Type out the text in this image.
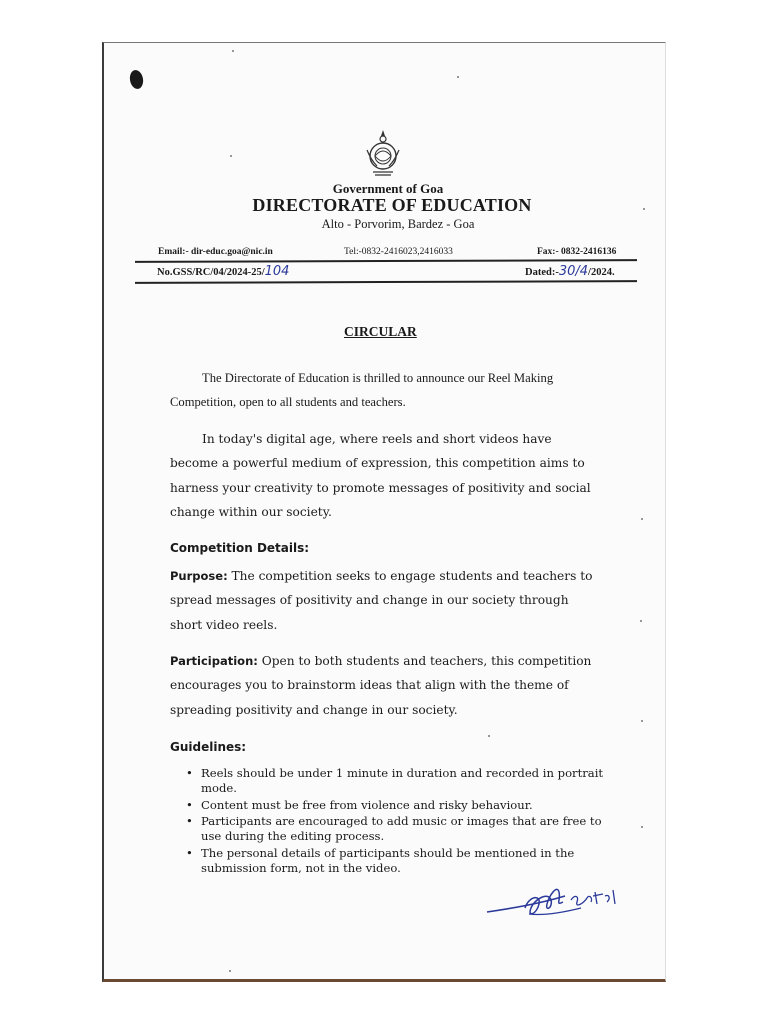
Government of Goa
DIRECTORATE OF EDUCATION
Alto - Porvorim, Bardez - Goa
Email:- dir-educ.goa@nic.in	Tel:-0832-2416023,2416033	Fax:- 0832-2416136
No.GSS/RC/04/2024-25/104	Dated:-30/4/2024.
CIRCULAR
The Directorate of Education is thrilled to announce our Reel Making Competition, open to all students and teachers.
In today's digital age, where reels and short videos have become a powerful medium of expression, this competition aims to harness your creativity to promote messages of positivity and social change within our society.
Competition Details:
Purpose: The competition seeks to engage students and teachers to spread messages of positivity and change in our society through short video reels.
Participation: Open to both students and teachers, this competition encourages you to brainstorm ideas that align with the theme of spreading positivity and change in our society.
Guidelines:
• Reels should be under 1 minute in duration and recorded in portrait mode.
• Content must be free from violence and risky behaviour.
• Participants are encouraged to add music or images that are free to use during the editing process.
• The personal details of participants should be mentioned in the submission form, not in the video.
